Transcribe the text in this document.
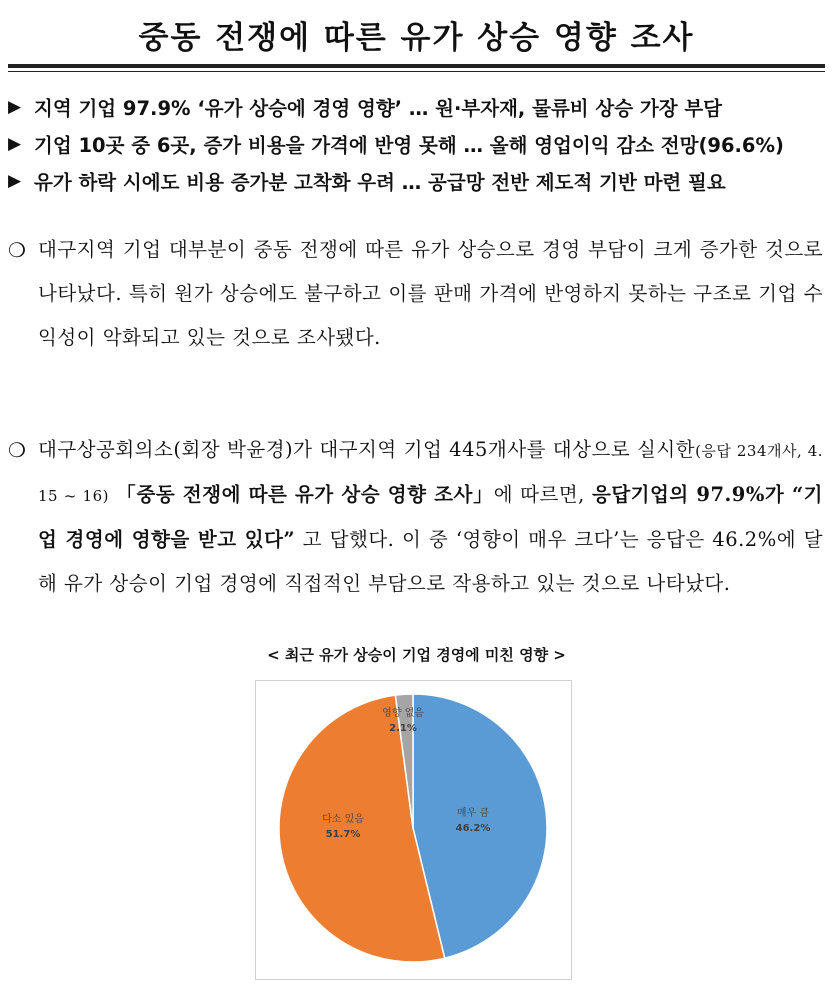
중동 전쟁에 따른 유가 상승 영향 조사
▶ 지역 기업 97.9% ‘유가 상승에 경영 영향’ … 원·부자재, 물류비 상승 가장 부담
▶ 기업 10곳 중 6곳, 증가 비용을 가격에 반영 못해 … 올해 영업이익 감소 전망(96.6%)
▶ 유가 하락 시에도 비용 증가분 고착화 우려 … 공급망 전반 제도적 기반 마련 필요
❍ 대구지역 기업 대부분이 중동 전쟁에 따른 유가 상승으로 경영 부담이 크게 증가한 것으로 나타났다. 특히 원가 상승에도 불구하고 이를 판매 가격에 반영하지 못하는 구조로 기업 수익성이 악화되고 있는 것으로 조사됐다.
❍ 대구상공회의소(회장 박윤경)가 대구지역 기업 445개사를 대상으로 실시한(응답 234개사, 4. 15 ~ 16) 「중동 전쟁에 따른 유가 상승 영향 조사」에 따르면, 응답기업의 97.9%가 “기업 경영에 영향을 받고 있다” 고 답했다. 이 중 ‘영향이 매우 크다’는 응답은 46.2%에 달해 유가 상승이 기업 경영에 직접적인 부담으로 작용하고 있는 것으로 나타났다.
< 최근 유가 상승이 기업 경영에 미친 영향 >
매우 큼
46.2%
다소 있음
51.7%
영향 없음
2.1%
